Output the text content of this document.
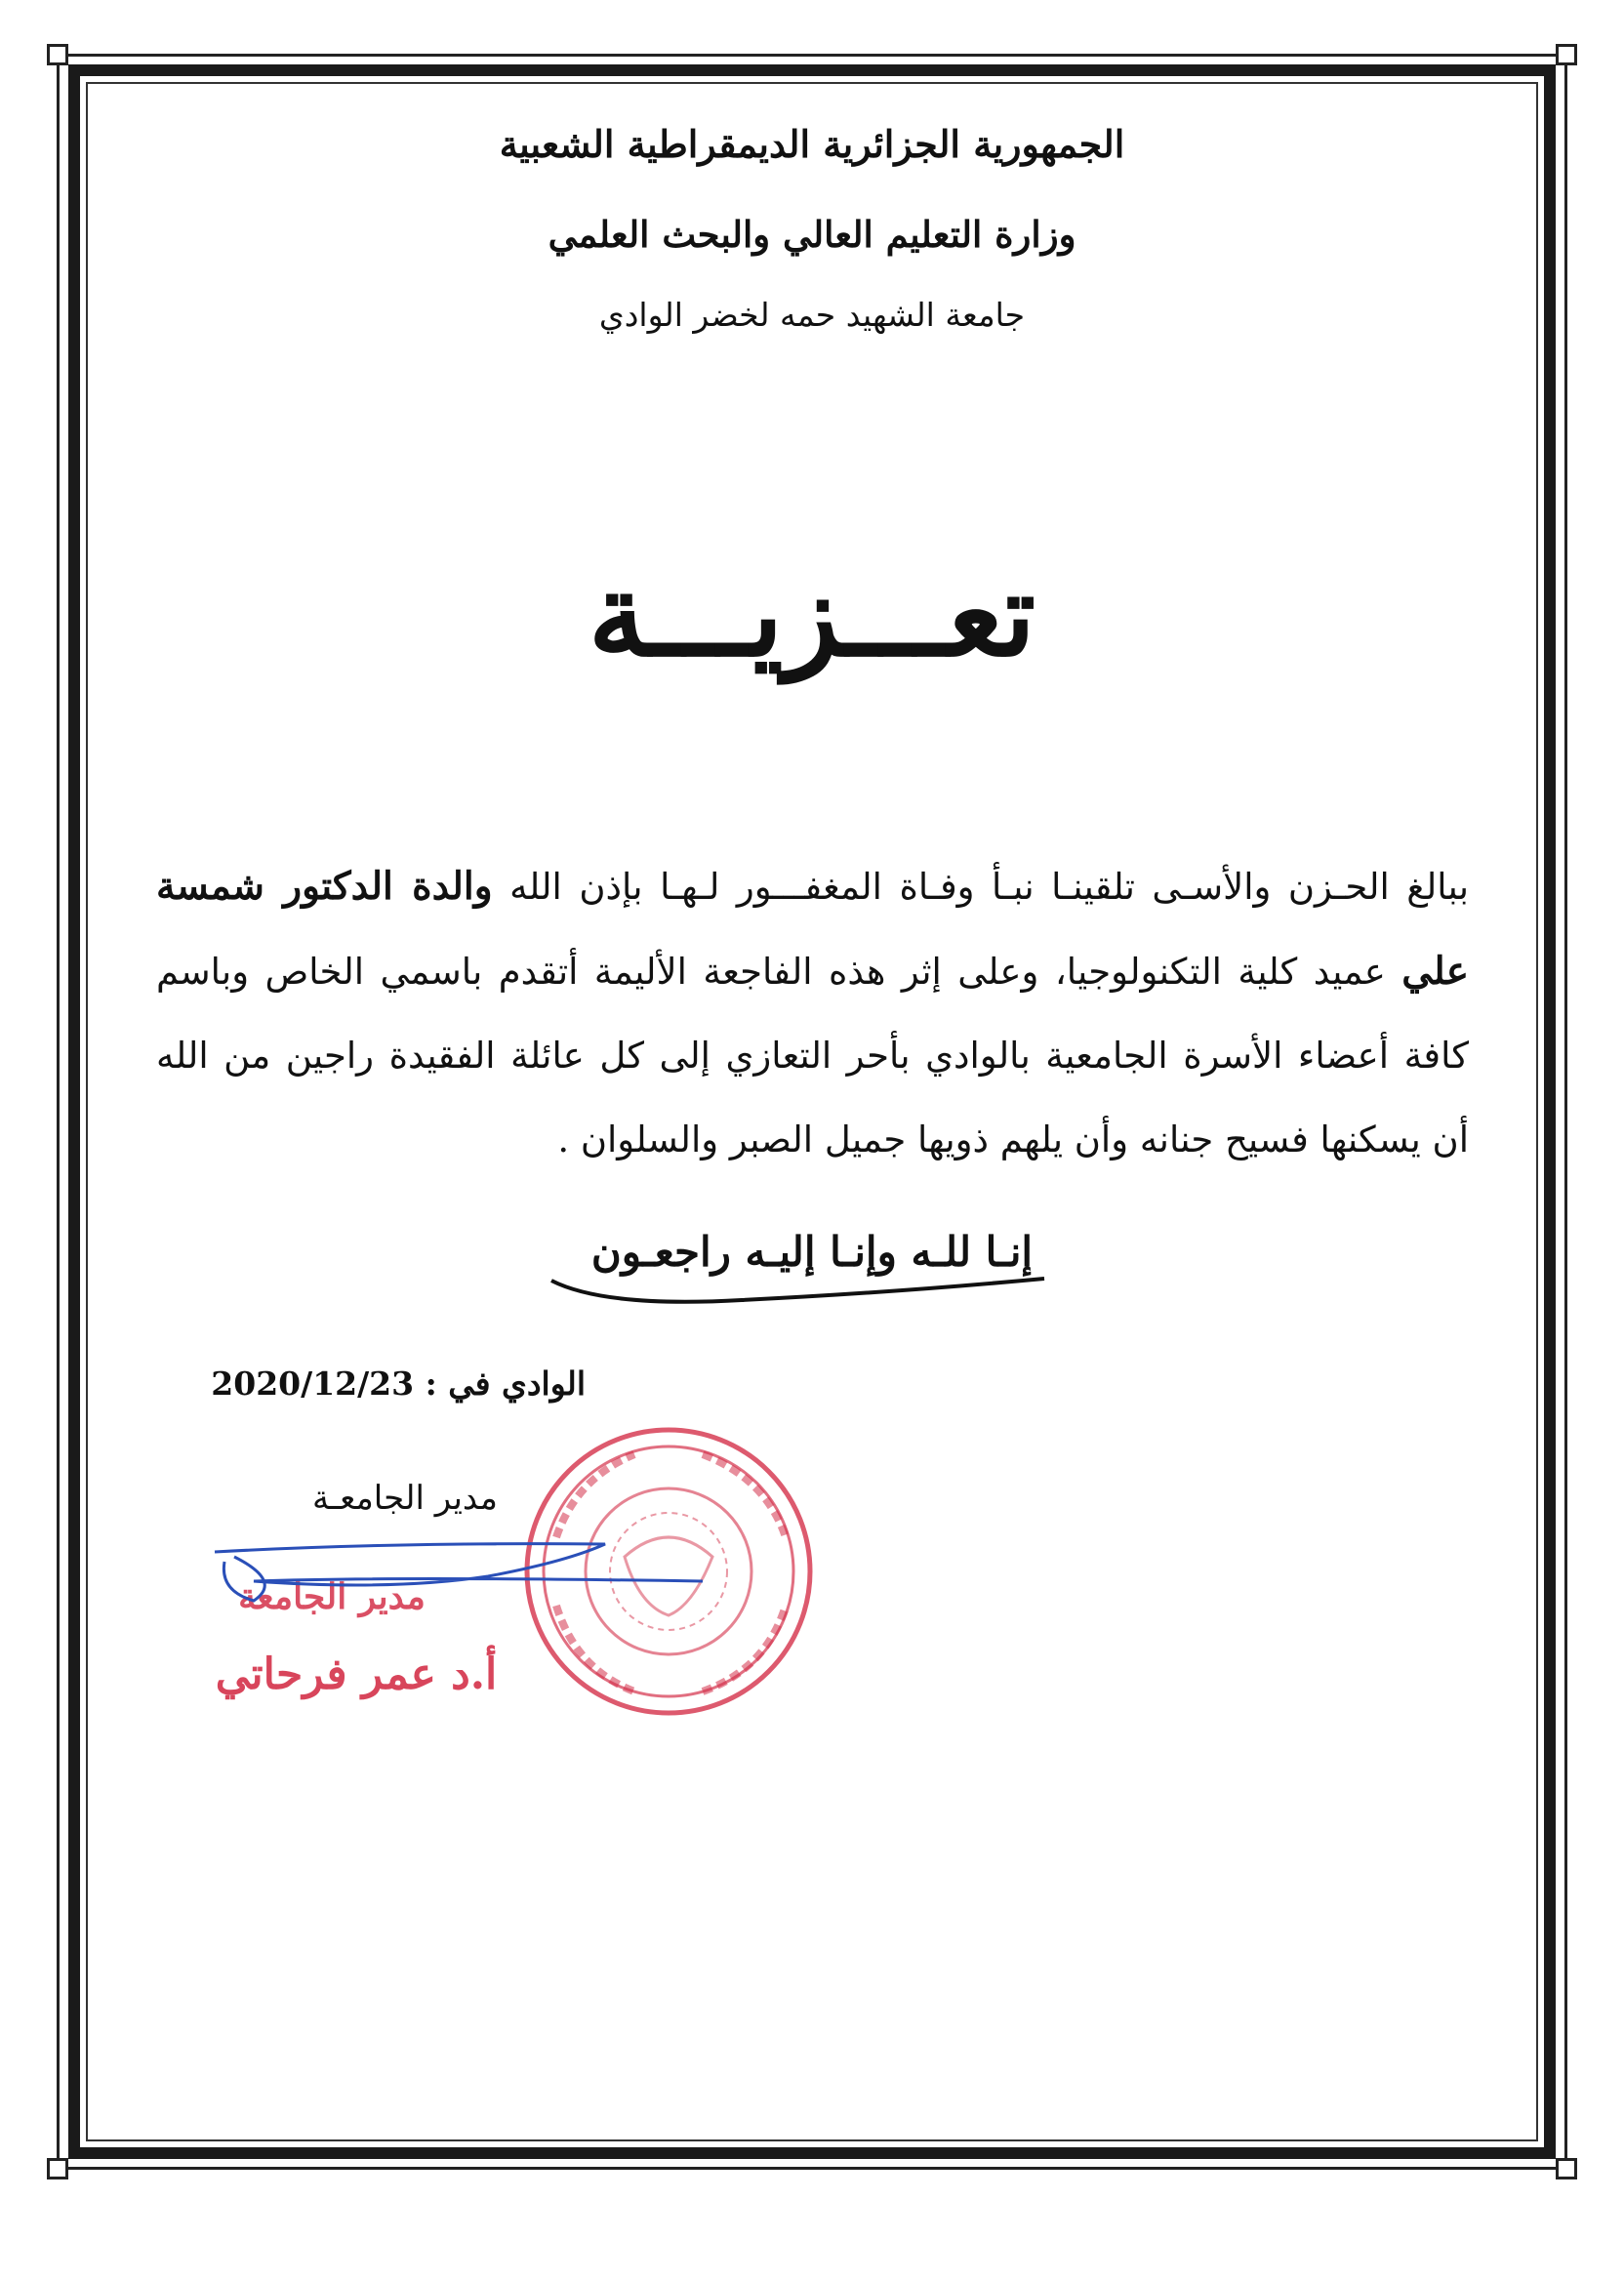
الجمهورية الجزائرية الديمقراطية الشعبية
وزارة التعليم العالي والبحث العلمي
جامعة الشهيد حمه لخضر الوادي
تعـــزيـــة
ببالغ الحـزن والأسـى تلقينـا نبـأ وفـاة المغفـــور لـهـا بإذن الله والدة الدكتور شمسة علي عميد كلية التكنولوجيا، وعلى إثر هذه الفاجعة الأليمة أتقدم باسمي الخاص وباسم كافة أعضاء الأسرة الجامعية بالوادي بأحر التعازي إلى كل عائلة الفقيدة راجين من الله أن يسكنها فسيح جنانه وأن يلهم ذويها جميل الصبر والسلوان .
إنـا للـه وإنـا إليـه راجعـون
الوادي في : 2020/12/23
مدير الجامعـة
مدير الجامعة
أ.د عمر فرحاتي
